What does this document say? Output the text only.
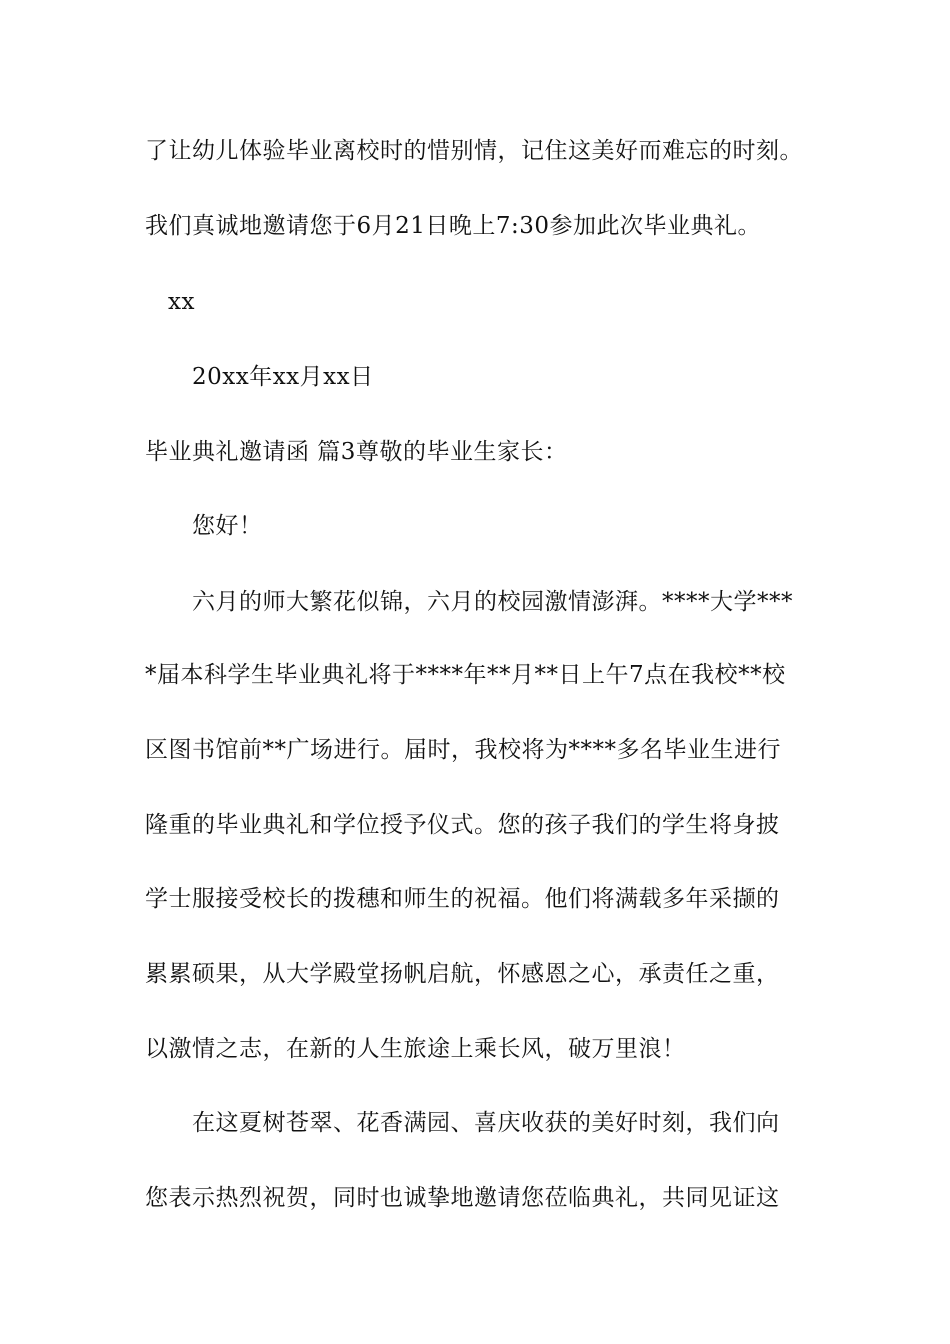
了让幼儿体验毕业离校时的惜别情，记住这美好而难忘的时刻。
我们真诚地邀请您于6月21日晚上7:30参加此次毕业典礼。
xx
20xx年xx月xx日
毕业典礼邀请函 篇3尊敬的毕业生家长：
您好！
六月的师大繁花似锦，六月的校园激情澎湃。****大学***
*届本科学生毕业典礼将于****年**月**日上午7点在我校**校
区图书馆前**广场进行。届时，我校将为****多名毕业生进行
隆重的毕业典礼和学位授予仪式。您的孩子我们的学生将身披
学士服接受校长的拨穗和师生的祝福。他们将满载多年采撷的
累累硕果，从大学殿堂扬帆启航，怀感恩之心，承责任之重，
以激情之志，在新的人生旅途上乘长风，破万里浪！
在这夏树苍翠、花香满园、喜庆收获的美好时刻，我们向
您表示热烈祝贺，同时也诚挚地邀请您莅临典礼，共同见证这
